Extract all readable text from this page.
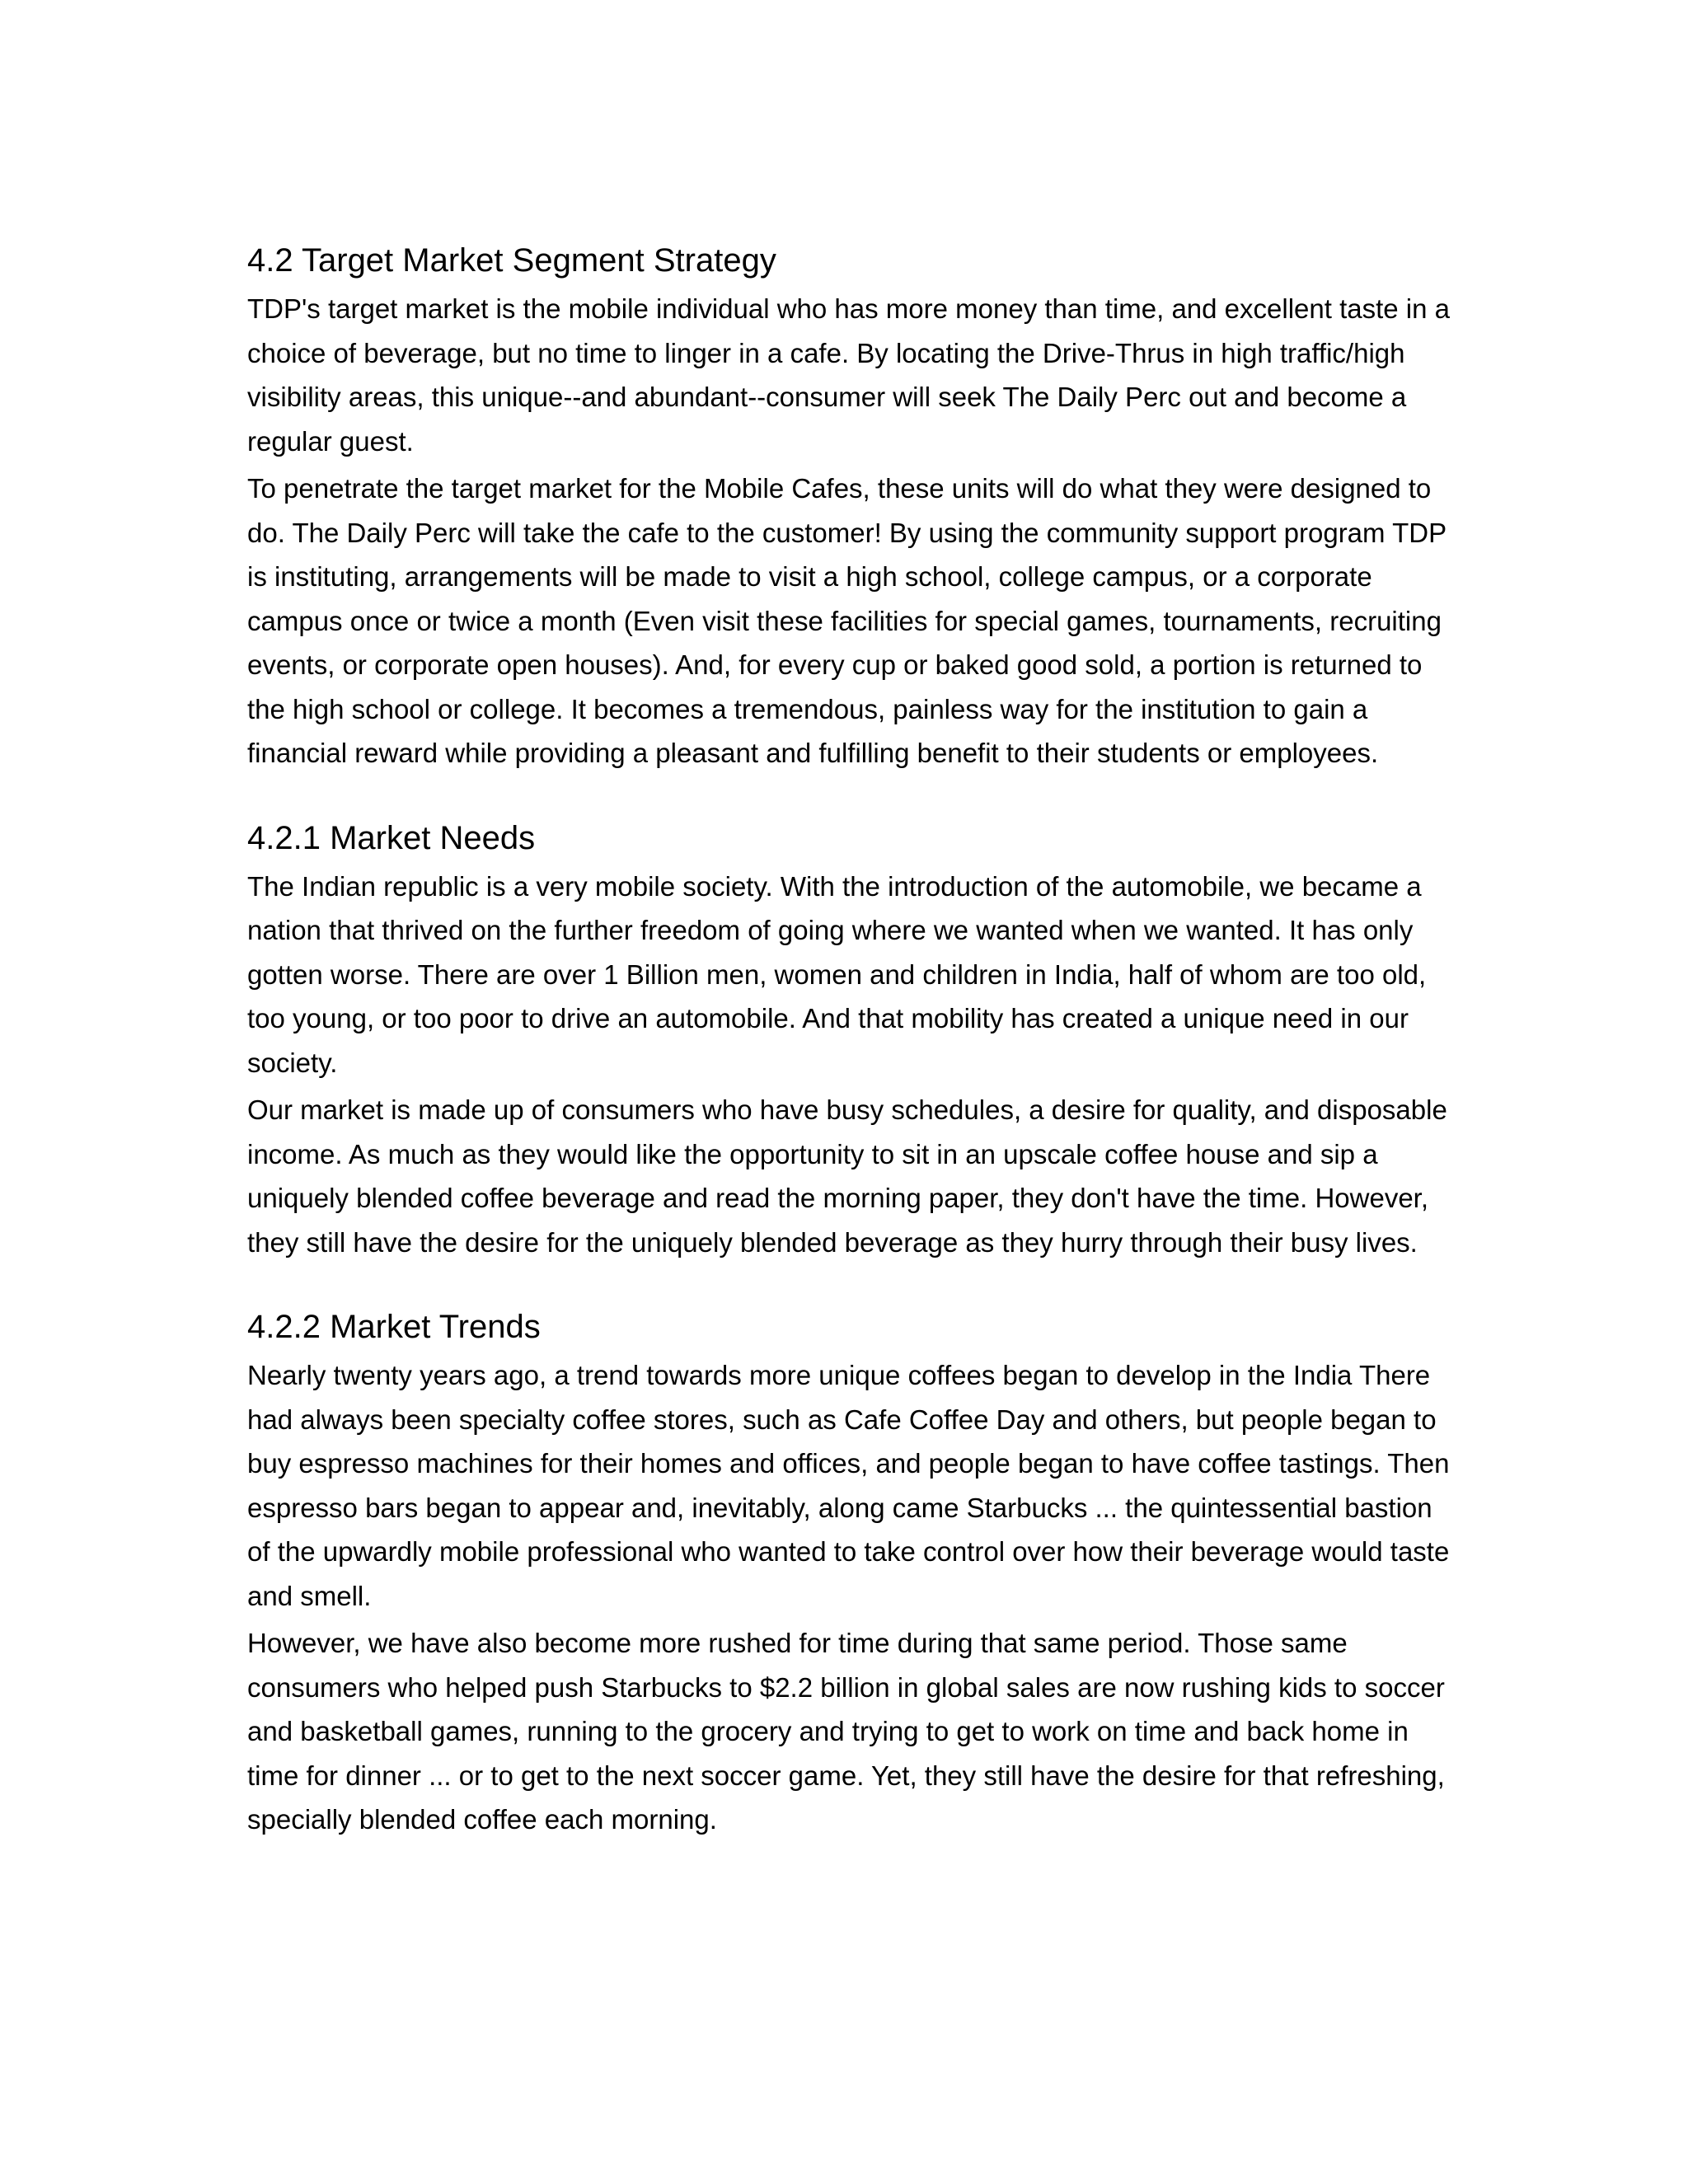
4.2 Target Market Segment Strategy

TDP's target market is the mobile individual who has more money than time, and excellent taste in a choice of beverage, but no time to linger in a cafe. By locating the Drive-Thrus in high traffic/high visibility areas, this unique--and abundant--consumer will seek The Daily Perc out and become a regular guest.

To penetrate the target market for the Mobile Cafes, these units will do what they were designed to do. The Daily Perc will take the cafe to the customer! By using the community support program TDP is instituting, arrangements will be made to visit a high school, college campus, or a corporate campus once or twice a month (Even visit these facilities for special games, tournaments, recruiting events, or corporate open houses). And, for every cup or baked good sold, a portion is returned to the high school or college. It becomes a tremendous, painless way for the institution to gain a financial reward while providing a pleasant and fulfilling benefit to their students or employees.

4.2.1 Market Needs

The Indian republic is a very mobile society. With the introduction of the automobile, we became a nation that thrived on the further freedom of going where we wanted when we wanted. It has only gotten worse. There are over 1 Billion men, women and children in India, half of whom are too old, too young, or too poor to drive an automobile. And that mobility has created a unique need in our society.

Our market is made up of consumers who have busy schedules, a desire for quality, and disposable income. As much as they would like the opportunity to sit in an upscale coffee house and sip a uniquely blended coffee beverage and read the morning paper, they don't have the time. However, they still have the desire for the uniquely blended beverage as they hurry through their busy lives.

4.2.2 Market Trends

Nearly twenty years ago, a trend towards more unique coffees began to develop in the India There had always been specialty coffee stores, such as Cafe Coffee Day and others, but people began to buy espresso machines for their homes and offices, and people began to have coffee tastings. Then espresso bars began to appear and, inevitably, along came Starbucks ... the quintessential bastion of the upwardly mobile professional who wanted to take control over how their beverage would taste and smell.

However, we have also become more rushed for time during that same period. Those same consumers who helped push Starbucks to $2.2 billion in global sales are now rushing kids to soccer and basketball games, running to the grocery and trying to get to work on time and back home in time for dinner ... or to get to the next soccer game. Yet, they still have the desire for that refreshing, specially blended coffee each morning.
